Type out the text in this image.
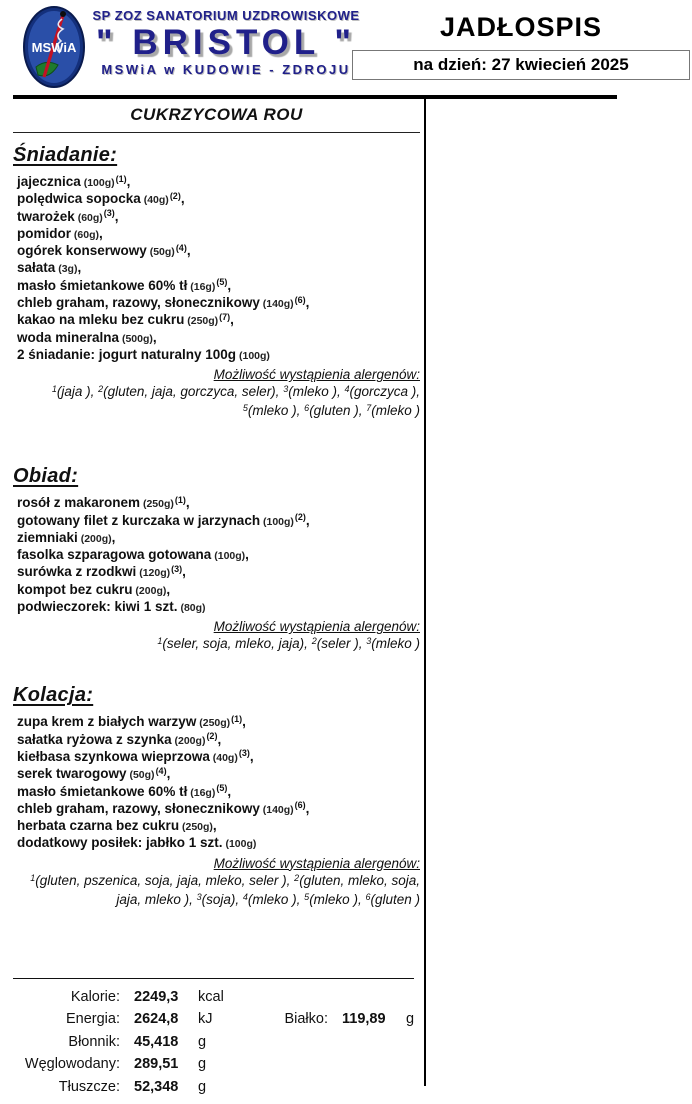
MSWiA
SP ZOZ SANATORIUM UZDROWISKOWE
" BRISTOL "
MSWiA w KUDOWIE - ZDROJU
JADŁOSPIS
na dzień: 27 kwiecień 2025
CUKRZYCOWA ROU
Śniadanie:
jajecznica $(100g)^{(1)}$,
polędwica sopocka $(40g)^{(2)}$,
twarożek $(60g)^{(3)}$,
pomidor (60g),
ogórek konserwowy $(50g)^{(4)}$,
sałata (3g),
masło śmietankowe 60% tł $(16g)^{(5)}$,
chleb graham, razowy, słonecznikowy $(140g)^{(6)}$,
kakao na mleku bez cukru $(250g)^{(7)}$,
woda mineralna (500g),
2 śniadanie: jogurt naturalny 100g (100g)
Możliwość wystąpienia alergenów:
$^1$(jaja ), $^2$(gluten, jaja, gorczyca, seler), $^3$(mleko ), $^4$(gorczyca ), $^5$(mleko ), $^6$(gluten ), $^7$(mleko )
Obiad:
rosół z makaronem $(250g)^{(1)}$,
gotowany filet z kurczaka w jarzynach $(100g)^{(2)}$,
ziemniaki (200g),
fasolka szparagowa gotowana (100g),
surówka z rzodkwi $(120g)^{(3)}$,
kompot bez cukru (200g),
podwieczorek: kiwi 1 szt. (80g)
Możliwość wystąpienia alergenów:
$^1$(seler, soja, mleko, jaja), $^2$(seler ), $^3$(mleko )
Kolacja:
zupa krem z białych warzyw $(250g)^{(1)}$,
sałatka ryżowa z szynka $(200g)^{(2)}$,
kiełbasa szynkowa wieprzowa $(40g)^{(3)}$,
serek twarogowy $(50g)^{(4)}$,
masło śmietankowe 60% tł $(16g)^{(5)}$,
chleb graham, razowy, słonecznikowy $(140g)^{(6)}$,
herbata czarna bez cukru (250g),
dodatkowy posiłek: jabłko 1 szt. (100g)
Możliwość wystąpienia alergenów:
$^1$(gluten, pszenica, soja, jaja, mleko, seler ), $^2$(gluten, mleko, soja, jaja, mleko ), $^3$(soja), $^4$(mleko ), $^5$(mleko ), $^6$(gluten )
Kalorie: 2249,3	kcal
Energia: 2624,8	kJ	Białko: 119,89	g
Błonnik: 45,418	g
Węglowodany: 289,51	g
Tłuszcze: 52,348	g
